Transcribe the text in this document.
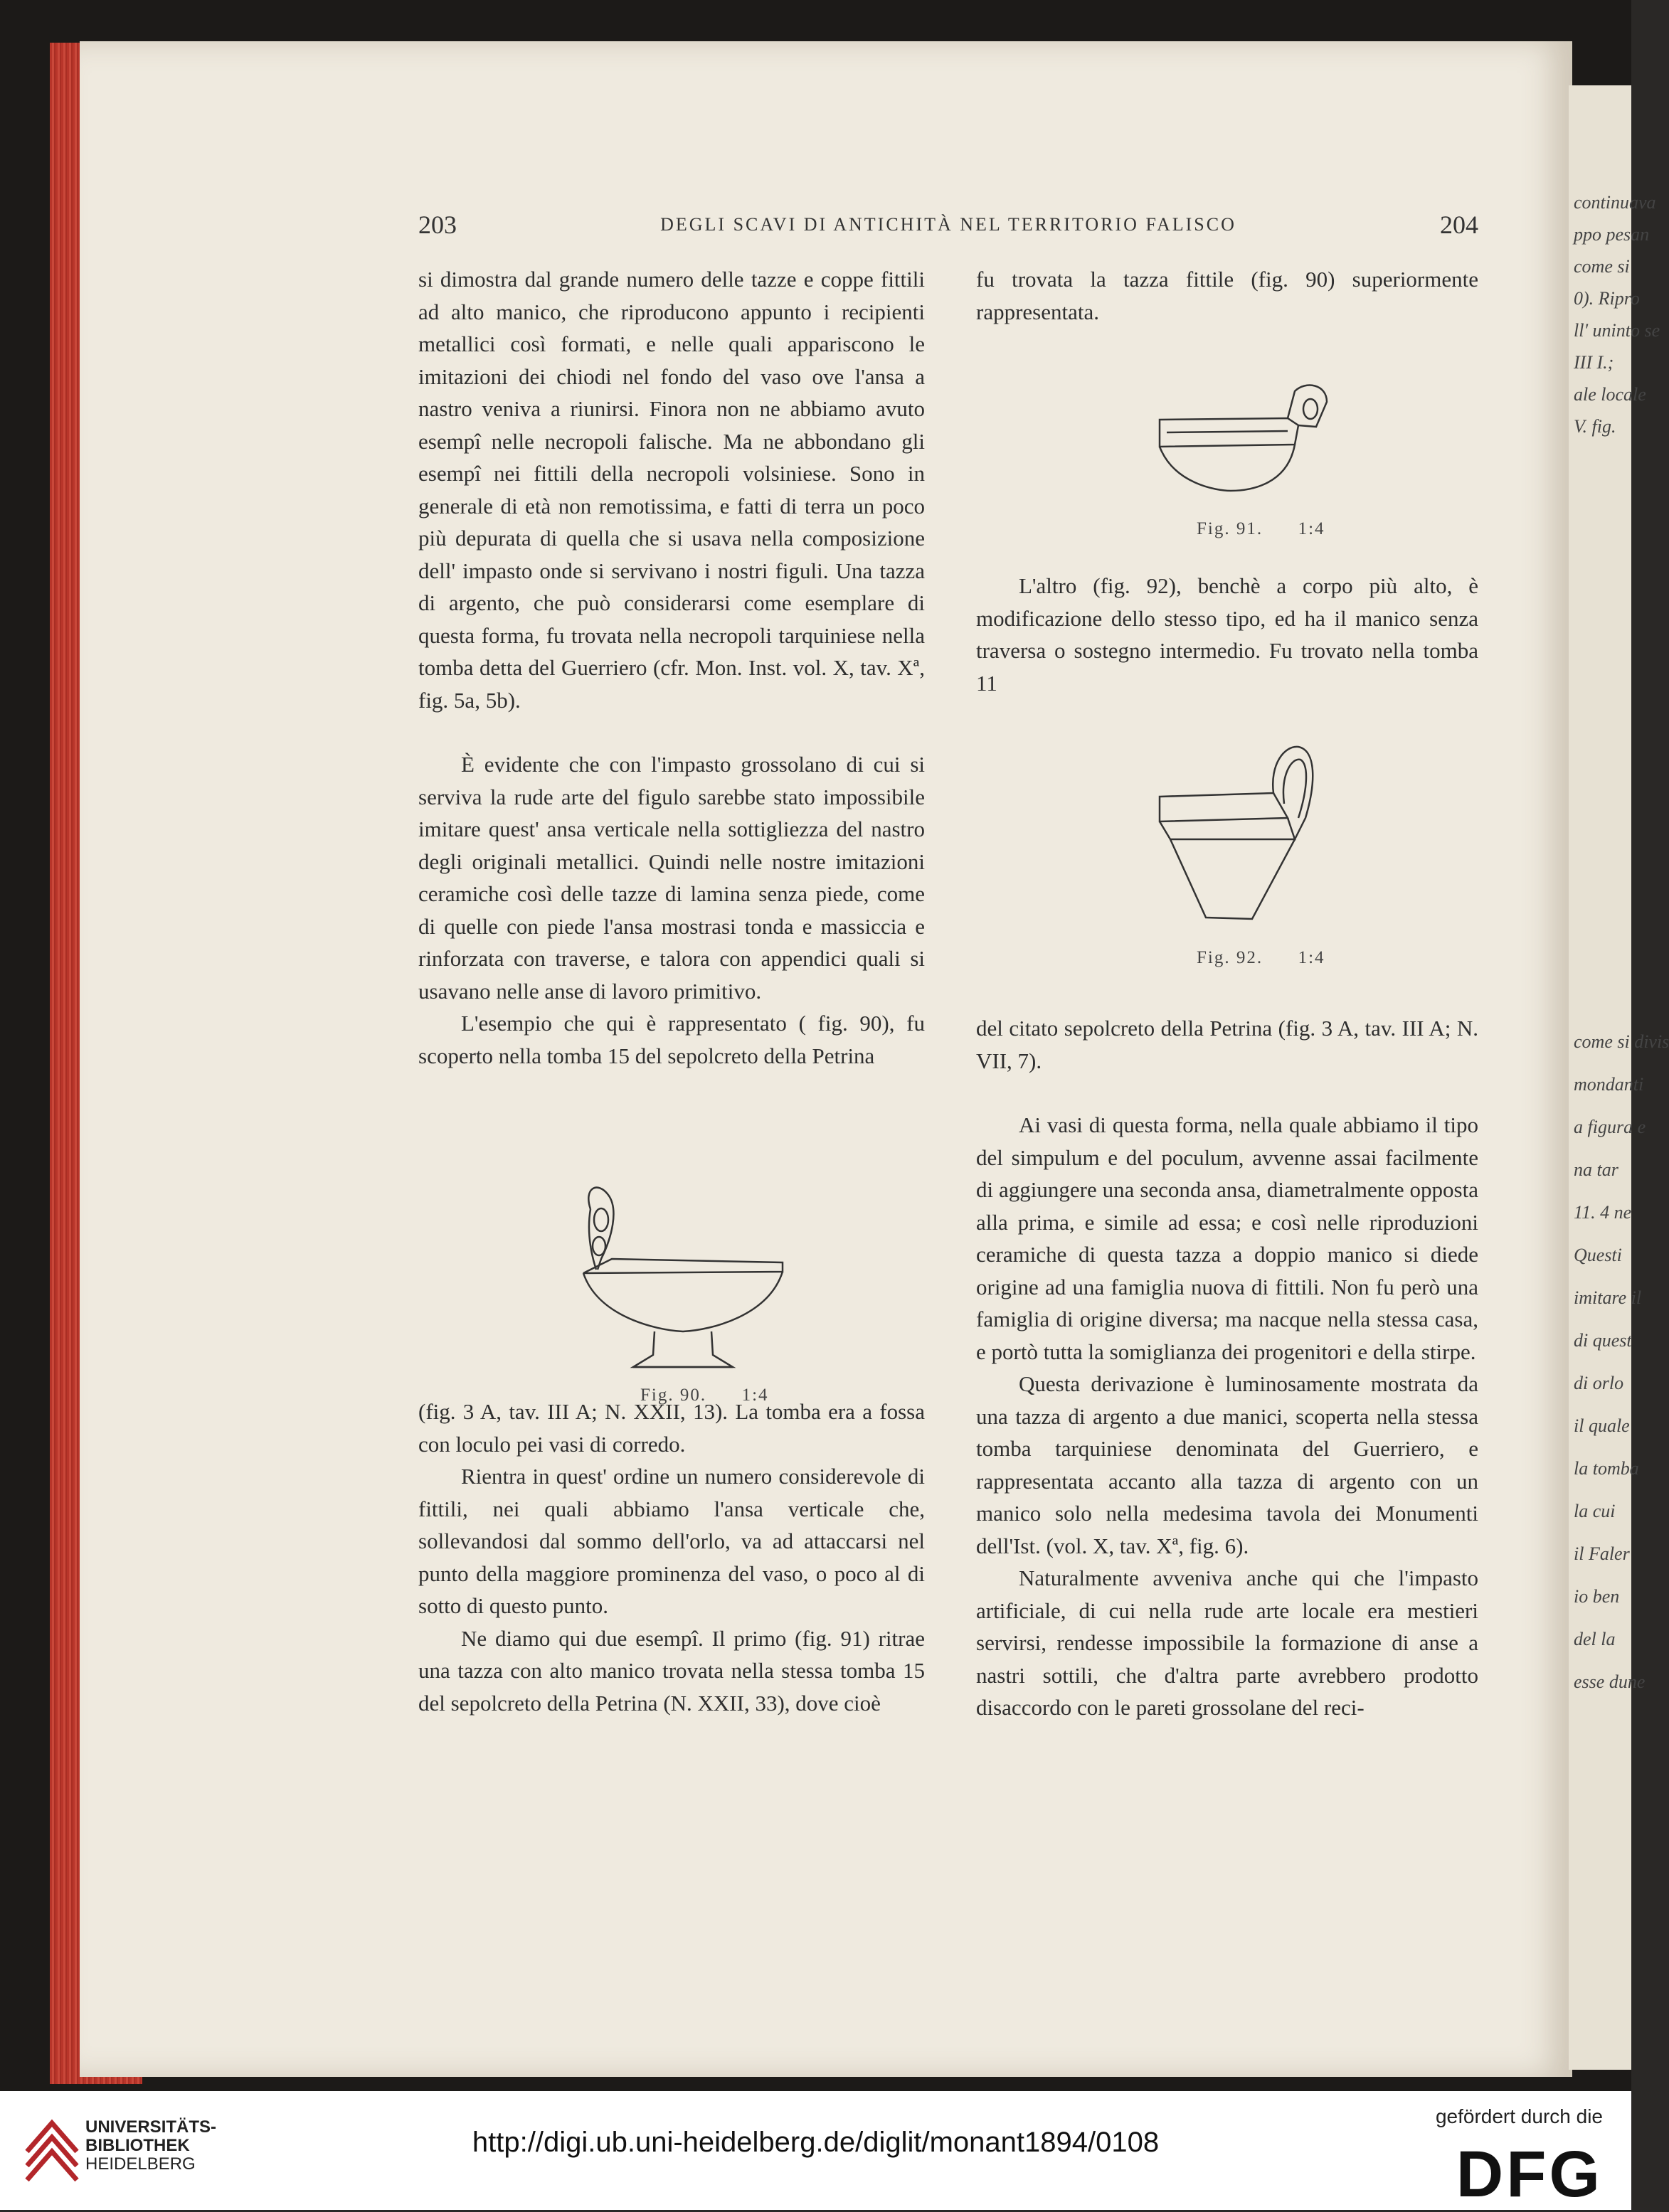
continuava
ppo pesan
come si
0). Ripro
ll' uninto se
III I.;
ale locale
V. fig.
come si divis
mondanti
a figura e
na tar
11. 4 ne
Questi
imitare il
di quest
di orlo
il quale
la tomba
la cui
il Faler
io ben
del la
esse dune
203	DEGLI SCAVI DI ANTICHITÀ NEL TERRITORIO FALISCO	204

si dimostra dal grande numero delle tazze e coppe fittili ad alto manico, che riproducono appunto i recipienti metallici così formati, e nelle quali appariscono le imitazioni dei chiodi nel fondo del vaso ove l'ansa a nastro veniva a riunirsi. Finora non ne abbiamo avuto esempî nelle necropoli falische. Ma ne abbondano gli esempî nei fittili della necropoli volsiniese. Sono in generale di età non remotissima, e fatti di terra un poco più depurata di quella che si usava nella composizione dell' impasto onde si servivano i nostri figuli. Una tazza di argento, che può considerarsi come esemplare di questa forma, fu trovata nella necropoli tarquiniese nella tomba detta del Guerriero (cfr. Mon. Inst. vol. X, tav. Xª, fig. 5a, 5b).

È evidente che con l'impasto grossolano di cui si serviva la rude arte del figulo sarebbe stato impossibile imitare quest' ansa verticale nella sottigliezza del nastro degli originali metallici. Quindi nelle nostre imitazioni ceramiche così delle tazze di lamina senza piede, come di quelle con piede l'ansa mostrasi tonda e massiccia e rinforzata con traverse, e talora con appendici quali si usavano nelle anse di lavoro primitivo.

L'esempio che qui è rappresentato ( fig. 90), fu scoperto nella tomba 15 del sepolcreto della Petrina

(fig. 3 A, tav. III A; N. XXII, 13). La tomba era a fossa con loculo pei vasi di corredo.

Rientra in quest' ordine un numero considerevole di fittili, nei quali abbiamo l'ansa verticale che, sollevandosi dal sommo dell'orlo, va ad attaccarsi nel punto della maggiore prominenza del vaso, o poco al di sotto di questo punto.

Ne diamo qui due esempî. Il primo (fig. 91) ritrae una tazza con alto manico trovata nella stessa tomba 15 del sepolcreto della Petrina (N. XXII, 33), dove cioè

Fig. 90. 1:4

fu trovata la tazza fittile (fig. 90) superiormente rappresentata.

L'altro (fig. 92), benchè a corpo più alto, è modificazione dello stesso tipo, ed ha il manico senza traversa o sostegno intermedio. Fu trovato nella tomba 11

del citato sepolcreto della Petrina (fig. 3 A, tav. III A; N. VII, 7).

Ai vasi di questa forma, nella quale abbiamo il tipo del simpulum e del poculum, avvenne assai facilmente di aggiungere una seconda ansa, diametralmente opposta alla prima, e simile ad essa; e così nelle riproduzioni ceramiche di questa tazza a doppio manico si diede origine ad una famiglia nuova di fittili. Non fu però una famiglia di origine diversa; ma nacque nella stessa casa, e portò tutta la somiglianza dei progenitori e della stirpe.

Questa derivazione è luminosamente mostrata da una tazza di argento a due manici, scoperta nella stessa tomba tarquiniese denominata del Guerriero, e rappresentata accanto alla tazza di argento con un manico solo nella medesima tavola dei Monumenti dell'Ist. (vol. X, tav. Xª, fig. 6).

Naturalmente avveniva anche qui che l'impasto artificiale, di cui nella rude arte locale era mestieri servirsi, rendesse impossibile la formazione di anse a nastri sottili, che d'altra parte avrebbero prodotto disaccordo con le pareti grossolane del reci-

Fig. 91. 1:4
Fig. 92. 1:4
UNIVERSITÄTS-
BIBLIOTHEK
HEIDELBERG
http://digi.ub.uni-heidelberg.de/diglit/monant1894/0108
gefördert durch die
DFG
